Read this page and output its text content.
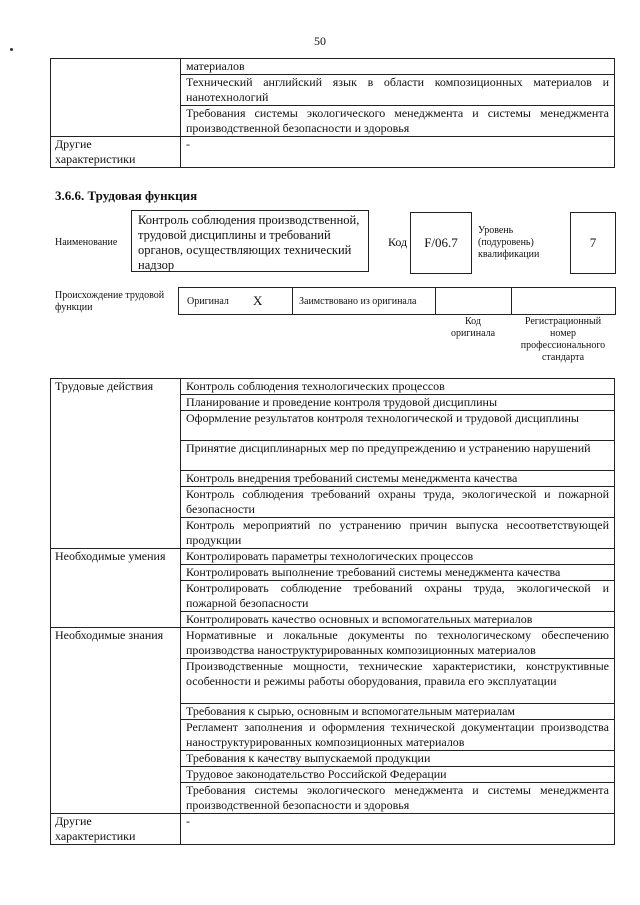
50
	материалов
	Технический английский язык в области композиционных материалов и нанотехнологий
	Требования системы экологического менеджмента и системы менеджмента производственной безопасности и здоровья
Другие характеристики	-
3.6.6. Трудовая функция
Наименование
Контроль соблюдения производственной, трудовой дисциплины и требований органов, осуществляющих технический надзор
Код	F/06.7
Уровень (подуровень) квалификации
7
Происхождение трудовой функции
Оригинал X	Заимствовано из оригинала
Код оригинала
Регистрационный номер профессионального стандарта
Трудовые действия	Контроль соблюдения технологических процессов
	Планирование и проведение контроля трудовой дисциплины
	Оформление результатов контроля технологической и трудовой дисциплины
	Принятие дисциплинарных мер по предупреждению и устранению нарушений
	Контроль внедрения требований системы менеджмента качества
	Контроль соблюдения требований охраны труда, экологической и пожарной безопасности
	Контроль мероприятий по устранению причин выпуска несоответствующей продукции
Необходимые умения	Контролировать параметры технологических процессов
	Контролировать выполнение требований системы менеджмента качества
	Контролировать соблюдение требований охраны труда, экологической и пожарной безопасности
	Контролировать качество основных и вспомогательных материалов
Необходимые знания	Нормативные и локальные документы по технологическому обеспечению производства наноструктурированных композиционных материалов
	Производственные мощности, технические характеристики, конструктивные особенности и режимы работы оборудования, правила его эксплуатации
	Требования к сырью, основным и вспомогательным материалам
	Регламент заполнения и оформления технической документации производства наноструктурированных композиционных материалов
	Требования к качеству выпускаемой продукции
	Трудовое законодательство Российской Федерации
	Требования системы экологического менеджмента и системы менеджмента производственной безопасности и здоровья
Другие характеристики	-
